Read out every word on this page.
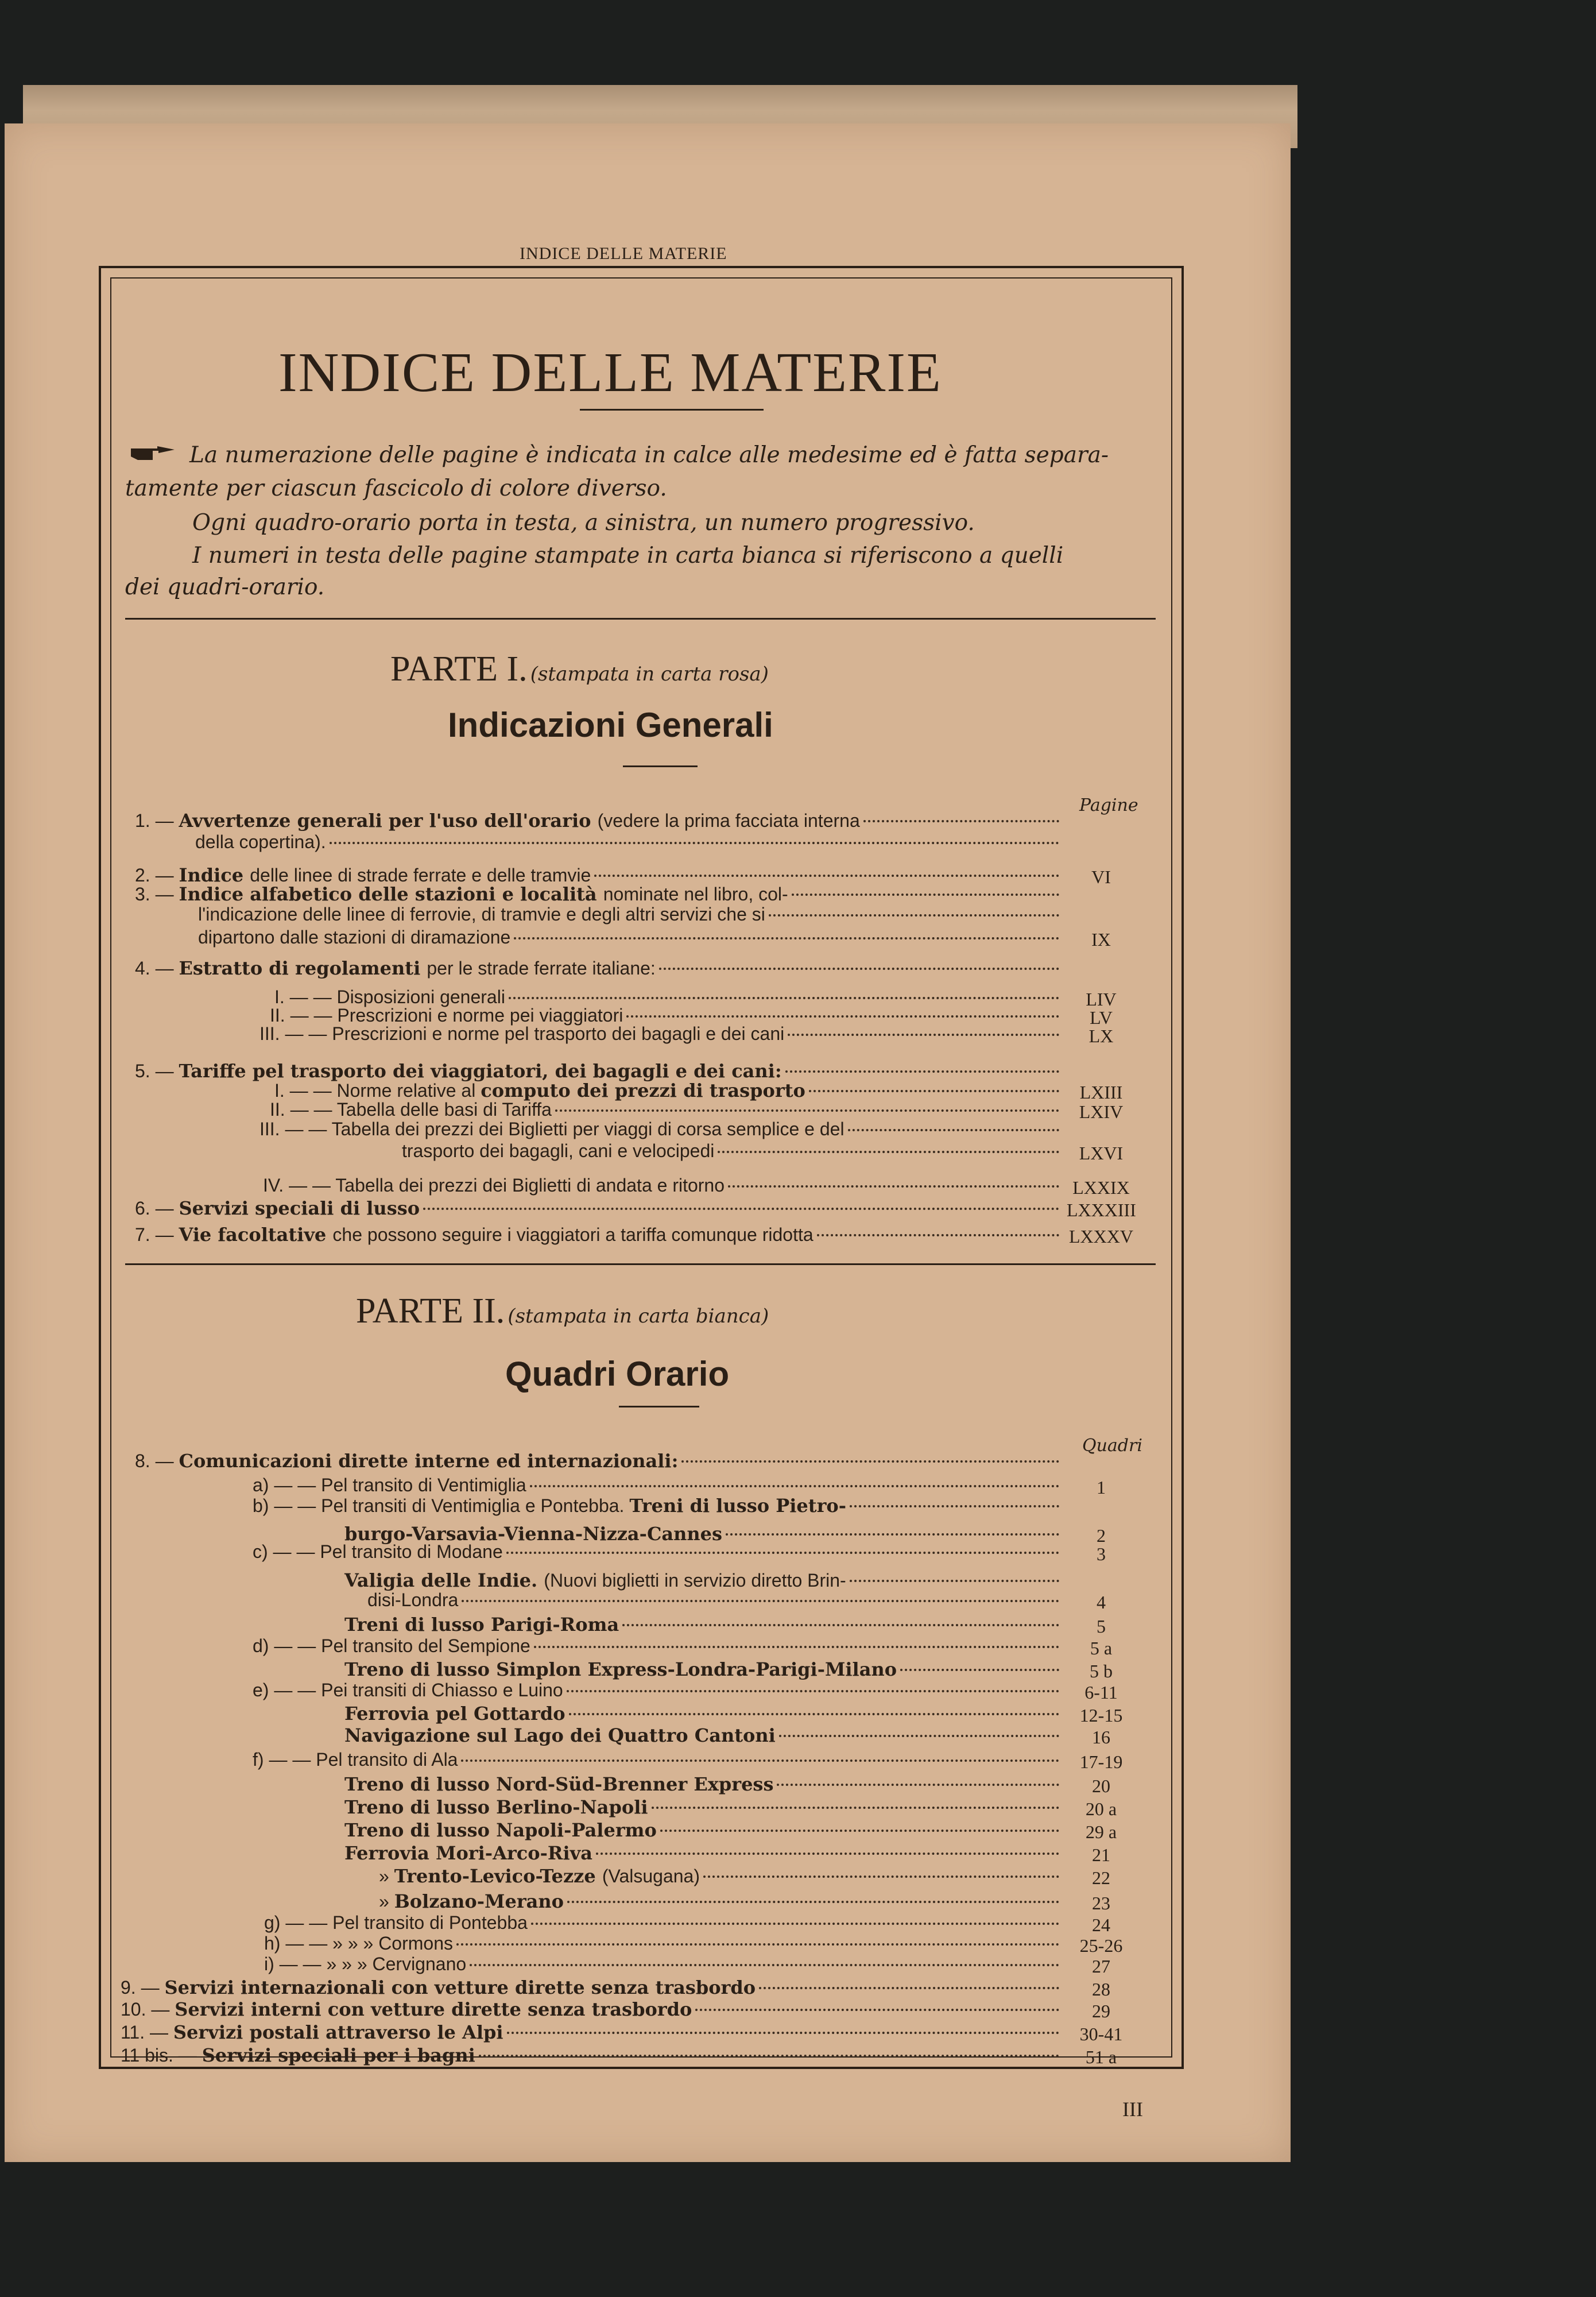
INDICE DELLE MATERIE
INDICE DELLE MATERIE
La numerazione delle pagine è indicata in calce alle medesime ed è fatta separa-
tamente per ciascun fascicolo di colore diverso.
Ogni quadro-orario porta in testa, a sinistra, un numero progressivo.
I numeri in testa delle pagine stampate in carta bianca si riferiscono a quelli
dei quadri-orario.
PARTE I. (stampata in carta rosa)
Indicazioni Generali
Pagine
1. — Avvertenze generali per l'uso dell'orario (vedere la prima facciata interna
della copertina).
2. — Indice delle linee di strade ferrate e delle tramvie	VI
3. — Indice alfabetico delle stazioni e località nominate nel libro, col-
l'indicazione delle linee di ferrovie, di tramvie e degli altri servizi che si
dipartono dalle stazioni di diramazione	IX
4. — Estratto di regolamenti per le strade ferrate italiane:
I. — — Disposizioni generali	LIV
II. — — Prescrizioni e norme pei viaggiatori	LV
III. — — Prescrizioni e norme pel trasporto dei bagagli e dei cani	LX
5. — Tariffe pel trasporto dei viaggiatori, dei bagagli e dei cani:
I. — — Norme relative al computo dei prezzi di trasporto	LXIII
II. — — Tabella delle basi di Tariffa	LXIV
III. — — Tabella dei prezzi dei Biglietti per viaggi di corsa semplice e del
trasporto dei bagagli, cani e velocipedi	LXVI
IV. — — Tabella dei prezzi dei Biglietti di andata e ritorno	LXXIX
6. — Servizi speciali di lusso	LXXXIII
7. — Vie facoltative che possono seguire i viaggiatori a tariffa comunque ridotta	LXXXV
PARTE II. (stampata in carta bianca)
Quadri Orario
Quadri
8. — Comunicazioni dirette interne ed internazionali:
a) — — Pel transito di Ventimiglia	1
b) — — Pel transiti di Ventimiglia e Pontebba. Treni di lusso Pietro-
burgo-Varsavia-Vienna-Nizza-Cannes	2
c) — — Pel transito di Modane	3
Valigia delle Indie. (Nuovi biglietti in servizio diretto Brin-
disi-Londra	4
Treni di lusso Parigi-Roma	5
d) — — Pel transito del Sempione	5 a
Treno di lusso Simplon Express-Londra-Parigi-Milano	5 b
e) — — Pei transiti di Chiasso e Luino	6-11
Ferrovia pel Gottardo	12-15
Navigazione sul Lago dei Quattro Cantoni	16
f) — — Pel transito di Ala	17-19
Treno di lusso Nord-Süd-Brenner Express	20
Treno di lusso Berlino-Napoli	20 a
Treno di lusso Napoli-Palermo	29 a
Ferrovia Mori-Arco-Riva	21
» Trento-Levico-Tezze (Valsugana)	22
» Bolzano-Merano	23
g) — — Pel transito di Pontebba	24
h) — — » » » Cormons	25-26
i) — — » » » Cervignano	27
9. — Servizi internazionali con vetture dirette senza trasbordo	28
10. — Servizi interni con vetture dirette senza trasbordo	29
11. — Servizi postali attraverso le Alpi	30-41
11 bis. — Servizi speciali per i bagni	51 a
III
